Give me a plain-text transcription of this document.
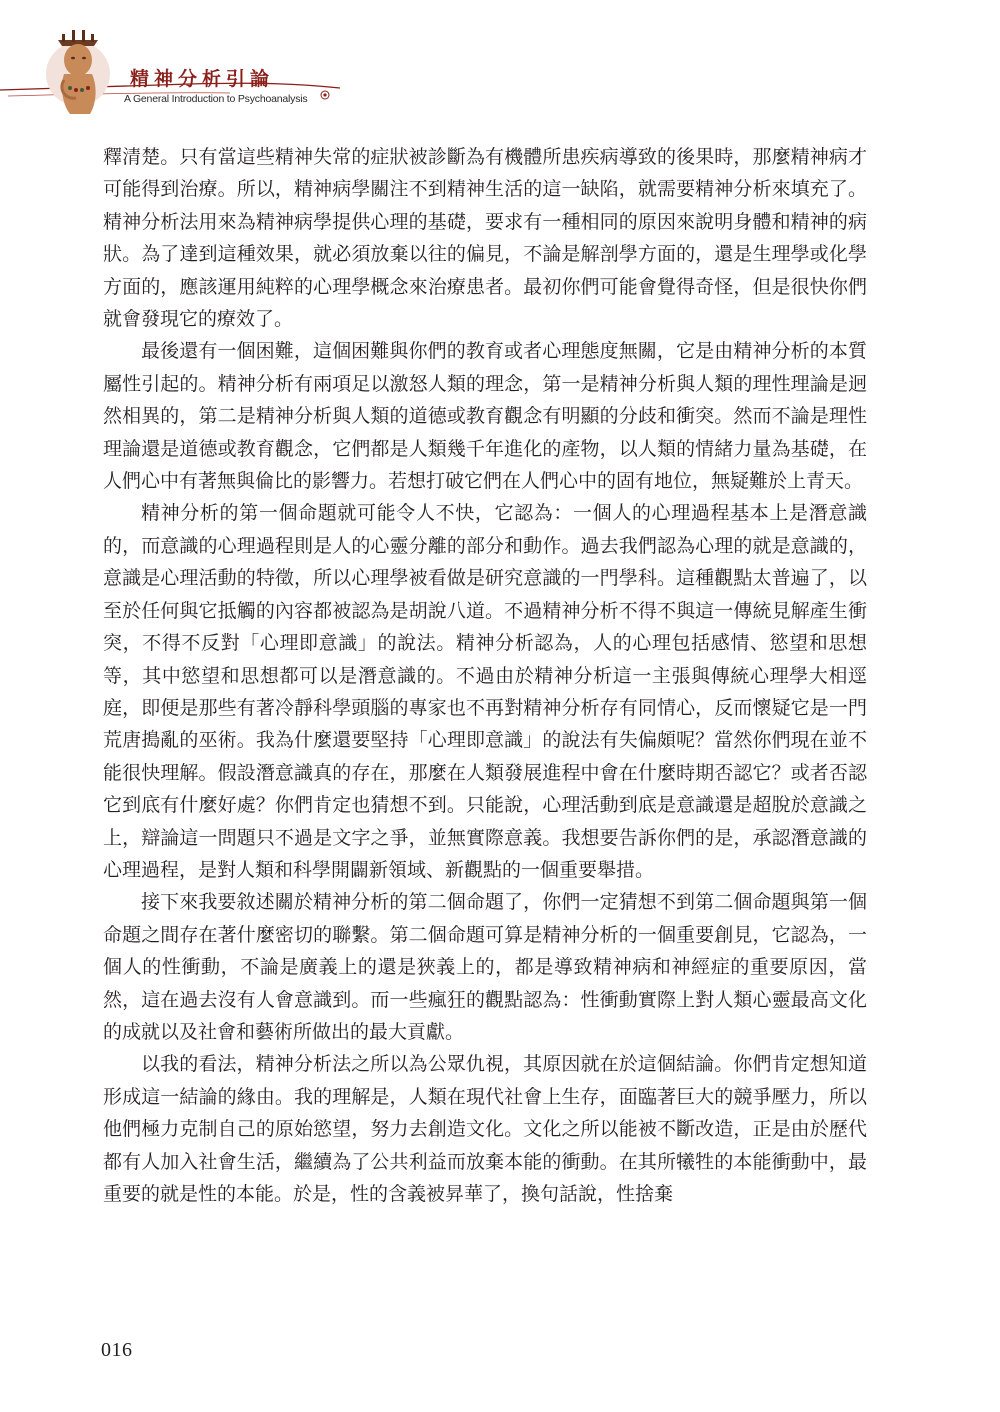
精神分析引論
A General Introduction to Psychoanalysis

釋清楚。只有當這些精神失常的症狀被診斷為有機體所患疾病導致的後果時，那麼精神病才可能得到治療。所以，精神病學關注不到精神生活的這一缺陷，就需要精神分析來填充了。精神分析法用來為精神病學提供心理的基礎，要求有一種相同的原因來說明身體和精神的病狀。為了達到這種效果，就必須放棄以往的偏見，不論是解剖學方面的，還是生理學或化學方面的，應該運用純粹的心理學概念來治療患者。最初你們可能會覺得奇怪，但是很快你們就會發現它的療效了。

最後還有一個困難，這個困難與你們的教育或者心理態度無關，它是由精神分析的本質屬性引起的。精神分析有兩項足以激怒人類的理念，第一是精神分析與人類的理性理論是迥然相異的，第二是精神分析與人類的道德或教育觀念有明顯的分歧和衝突。然而不論是理性理論還是道德或教育觀念，它們都是人類幾千年進化的產物，以人類的情緒力量為基礎，在人們心中有著無與倫比的影響力。若想打破它們在人們心中的固有地位，無疑難於上青天。

精神分析的第一個命題就可能令人不快，它認為：一個人的心理過程基本上是潛意識的，而意識的心理過程則是人的心靈分離的部分和動作。過去我們認為心理的就是意識的，意識是心理活動的特徵，所以心理學被看做是研究意識的一門學科。這種觀點太普遍了，以至於任何與它抵觸的內容都被認為是胡說八道。不過精神分析不得不與這一傳統見解產生衝突，不得不反對「心理即意識」的說法。精神分析認為，人的心理包括感情、慾望和思想等，其中慾望和思想都可以是潛意識的。不過由於精神分析這一主張與傳統心理學大相逕庭，即便是那些有著冷靜科學頭腦的專家也不再對精神分析存有同情心，反而懷疑它是一門荒唐搗亂的巫術。我為什麼還要堅持「心理即意識」的說法有失偏頗呢？當然你們現在並不能很快理解。假設潛意識真的存在，那麼在人類發展進程中會在什麼時期否認它？或者否認它到底有什麼好處？你們肯定也猜想不到。只能說，心理活動到底是意識還是超脫於意識之上，辯論這一問題只不過是文字之爭，並無實際意義。我想要告訴你們的是，承認潛意識的心理過程，是對人類和科學開闢新領域、新觀點的一個重要舉措。

接下來我要敘述關於精神分析的第二個命題了，你們一定猜想不到第二個命題與第一個命題之間存在著什麼密切的聯繫。第二個命題可算是精神分析的一個重要創見，它認為，一個人的性衝動，不論是廣義上的還是狹義上的，都是導致精神病和神經症的重要原因，當然，這在過去沒有人會意識到。而一些瘋狂的觀點認為：性衝動實際上對人類心靈最高文化的成就以及社會和藝術所做出的最大貢獻。

以我的看法，精神分析法之所以為公眾仇視，其原因就在於這個結論。你們肯定想知道形成這一結論的緣由。我的理解是，人類在現代社會上生存，面臨著巨大的競爭壓力，所以他們極力克制自己的原始慾望，努力去創造文化。文化之所以能被不斷改造，正是由於歷代都有人加入社會生活，繼續為了公共利益而放棄本能的衝動。在其所犧牲的本能衝動中，最重要的就是性的本能。於是，性的含義被昇華了，換句話說，性捨棄

016
